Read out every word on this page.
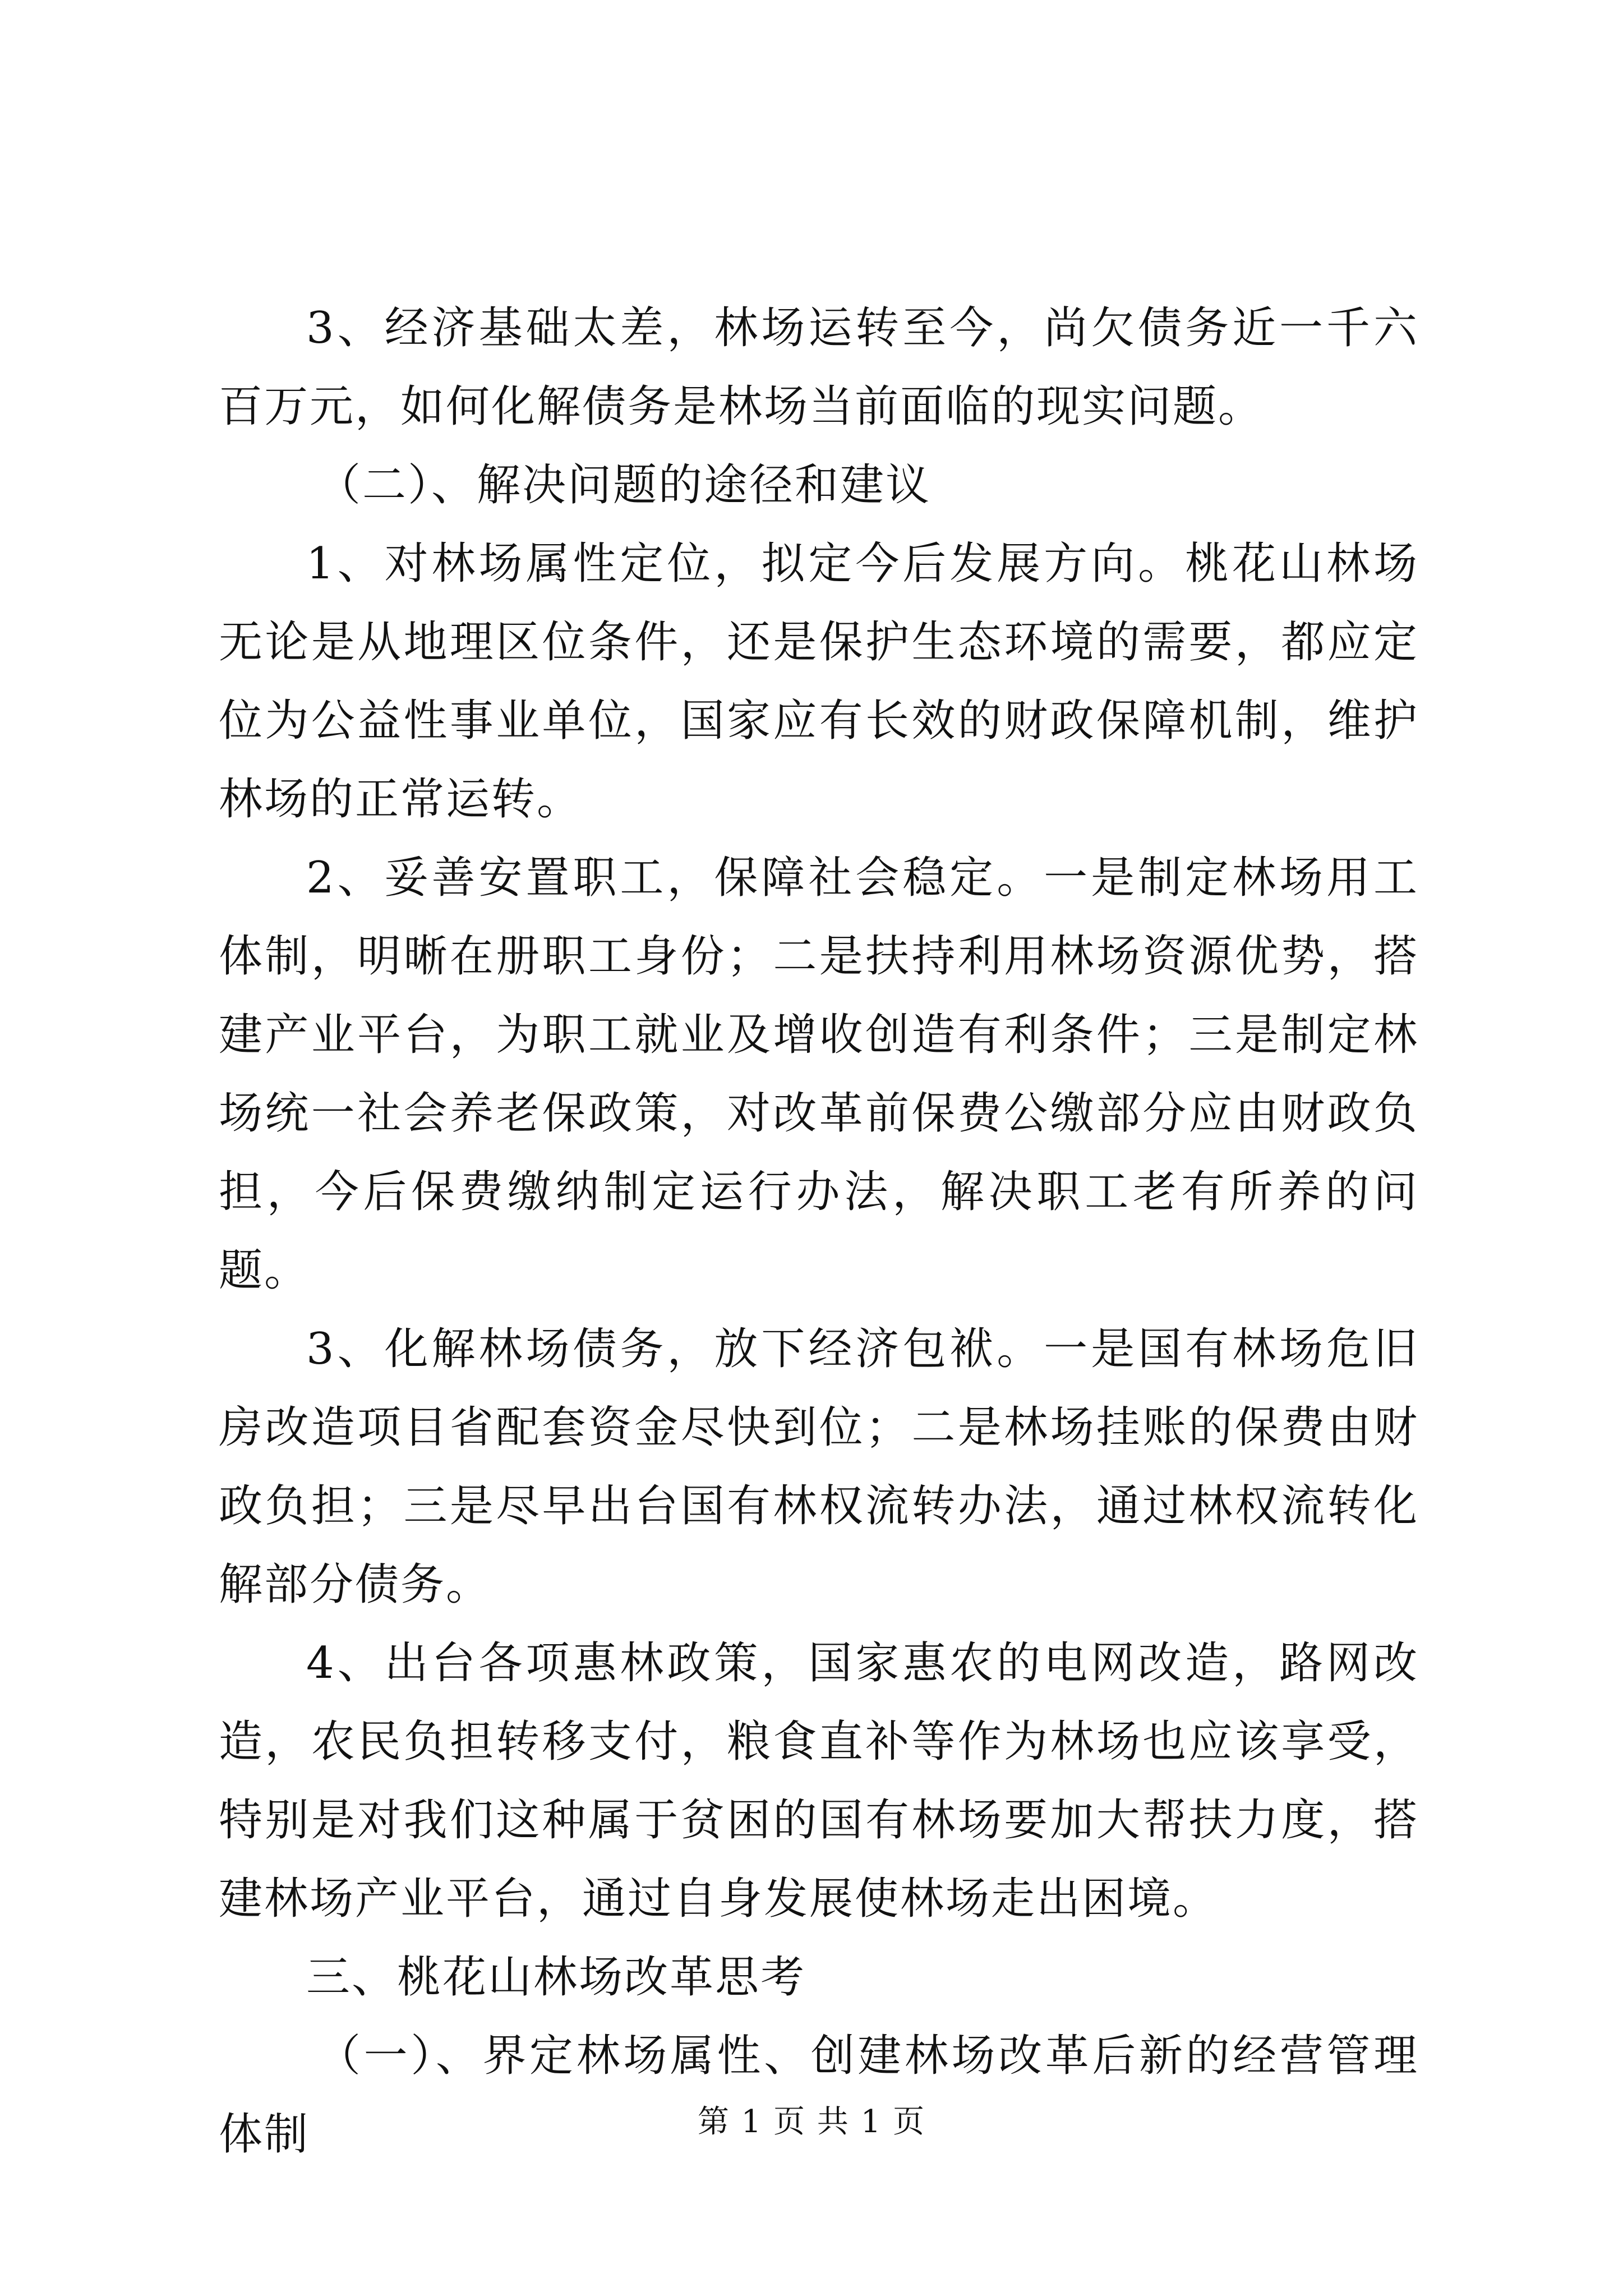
3、经济基础太差，林场运转至今，尚欠债务近一千六百万元，如何化解债务是林场当前面临的现实问题。

（二）、解决问题的途径和建议

1、对林场属性定位，拟定今后发展方向。桃花山林场无论是从地理区位条件，还是保护生态环境的需要，都应定位为公益性事业单位，国家应有长效的财政保障机制，维护林场的正常运转。

2、妥善安置职工，保障社会稳定。一是制定林场用工体制，明晰在册职工身份；二是扶持利用林场资源优势，搭建产业平台，为职工就业及增收创造有利条件；三是制定林场统一社会养老保政策，对改革前保费公缴部分应由财政负担，今后保费缴纳制定运行办法，解决职工老有所养的问题。

3、化解林场债务，放下经济包袱。一是国有林场危旧房改造项目省配套资金尽快到位；二是林场挂账的保费由财政负担；三是尽早出台国有林权流转办法，通过林权流转化解部分债务。

4、出台各项惠林政策，国家惠农的电网改造，路网改造，农民负担转移支付，粮食直补等作为林场也应该享受，特别是对我们这种属于贫困的国有林场要加大帮扶力度，搭建林场产业平台，通过自身发展使林场走出困境。

三、桃花山林场改革思考

（一）、界定林场属性、创建林场改革后新的经营管理体制	第 1 页 共 1 页
